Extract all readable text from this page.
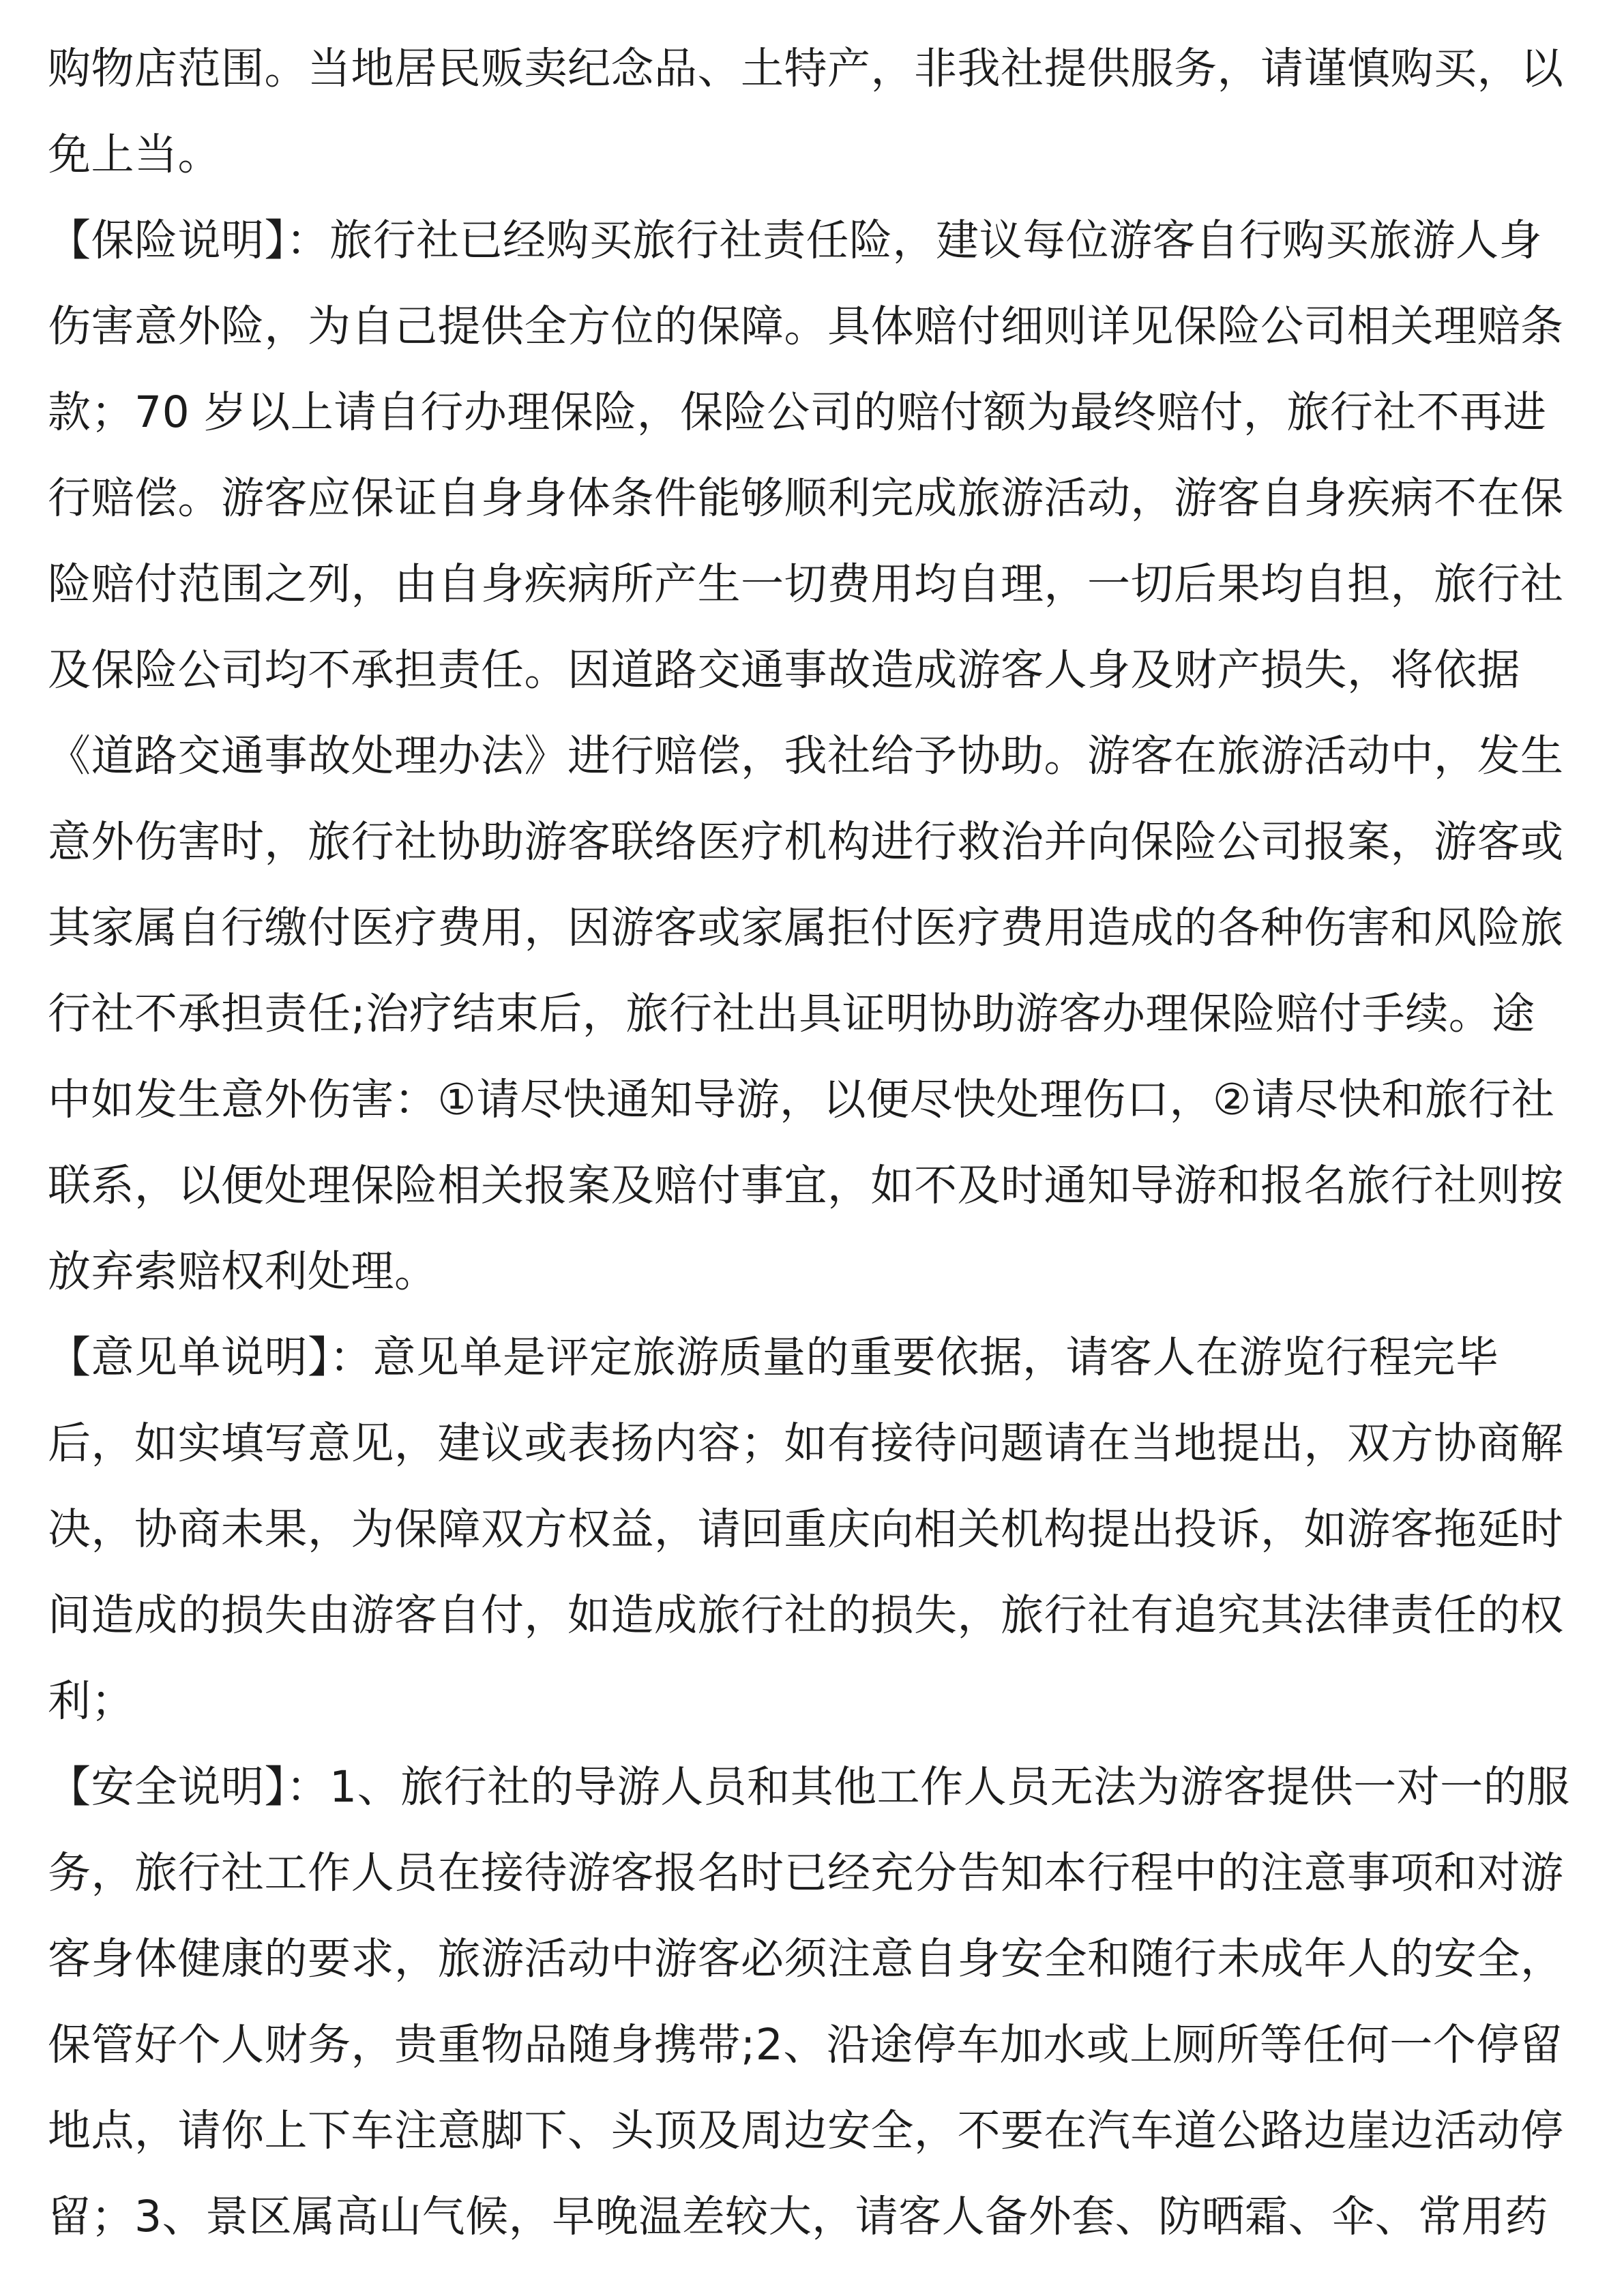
购物店范围。当地居民贩卖纪念品、土特产，非我社提供服务，请谨慎购买，以免上当。

【保险说明】：旅行社已经购买旅行社责任险，建议每位游客自行购买旅游人身伤害意外险，为自己提供全方位的保障。具体赔付细则详见保险公司相关理赔条款；70 岁以上请自行办理保险，保险公司的赔付额为最终赔付，旅行社不再进行赔偿。游客应保证自身身体条件能够顺利完成旅游活动，游客自身疾病不在保险赔付范围之列，由自身疾病所产生一切费用均自理，一切后果均自担，旅行社及保险公司均不承担责任。因道路交通事故造成游客人身及财产损失，将依据《道路交通事故处理办法》进行赔偿，我社给予协助。游客在旅游活动中，发生意外伤害时，旅行社协助游客联络医疗机构进行救治并向保险公司报案，游客或其家属自行缴付医疗费用，因游客或家属拒付医疗费用造成的各种伤害和风险旅行社不承担责任;治疗结束后，旅行社出具证明协助游客办理保险赔付手续。途中如发生意外伤害：①请尽快通知导游，以便尽快处理伤口，②请尽快和旅行社联系，以便处理保险相关报案及赔付事宜，如不及时通知导游和报名旅行社则按放弃索赔权利处理。

【意见单说明】：意见单是评定旅游质量的重要依据，请客人在游览行程完毕后，如实填写意见，建议或表扬内容；如有接待问题请在当地提出，双方协商解决，协商未果，为保障双方权益，请回重庆向相关机构提出投诉，如游客拖延时间造成的损失由游客自付，如造成旅行社的损失，旅行社有追究其法律责任的权利；

【安全说明】：1、旅行社的导游人员和其他工作人员无法为游客提供一对一的服务，旅行社工作人员在接待游客报名时已经充分告知本行程中的注意事项和对游客身体健康的要求，旅游活动中游客必须注意自身安全和随行未成年人的安全，保管好个人财务，贵重物品随身携带;2、沿途停车加水或上厕所等任何一个停留地点，请你上下车注意脚下、头顶及周边安全，不要在汽车道公路边崖边活动停留；3、景区属高山气候，早晚温差较大，请客人备外套、防晒霜、伞、常用药
